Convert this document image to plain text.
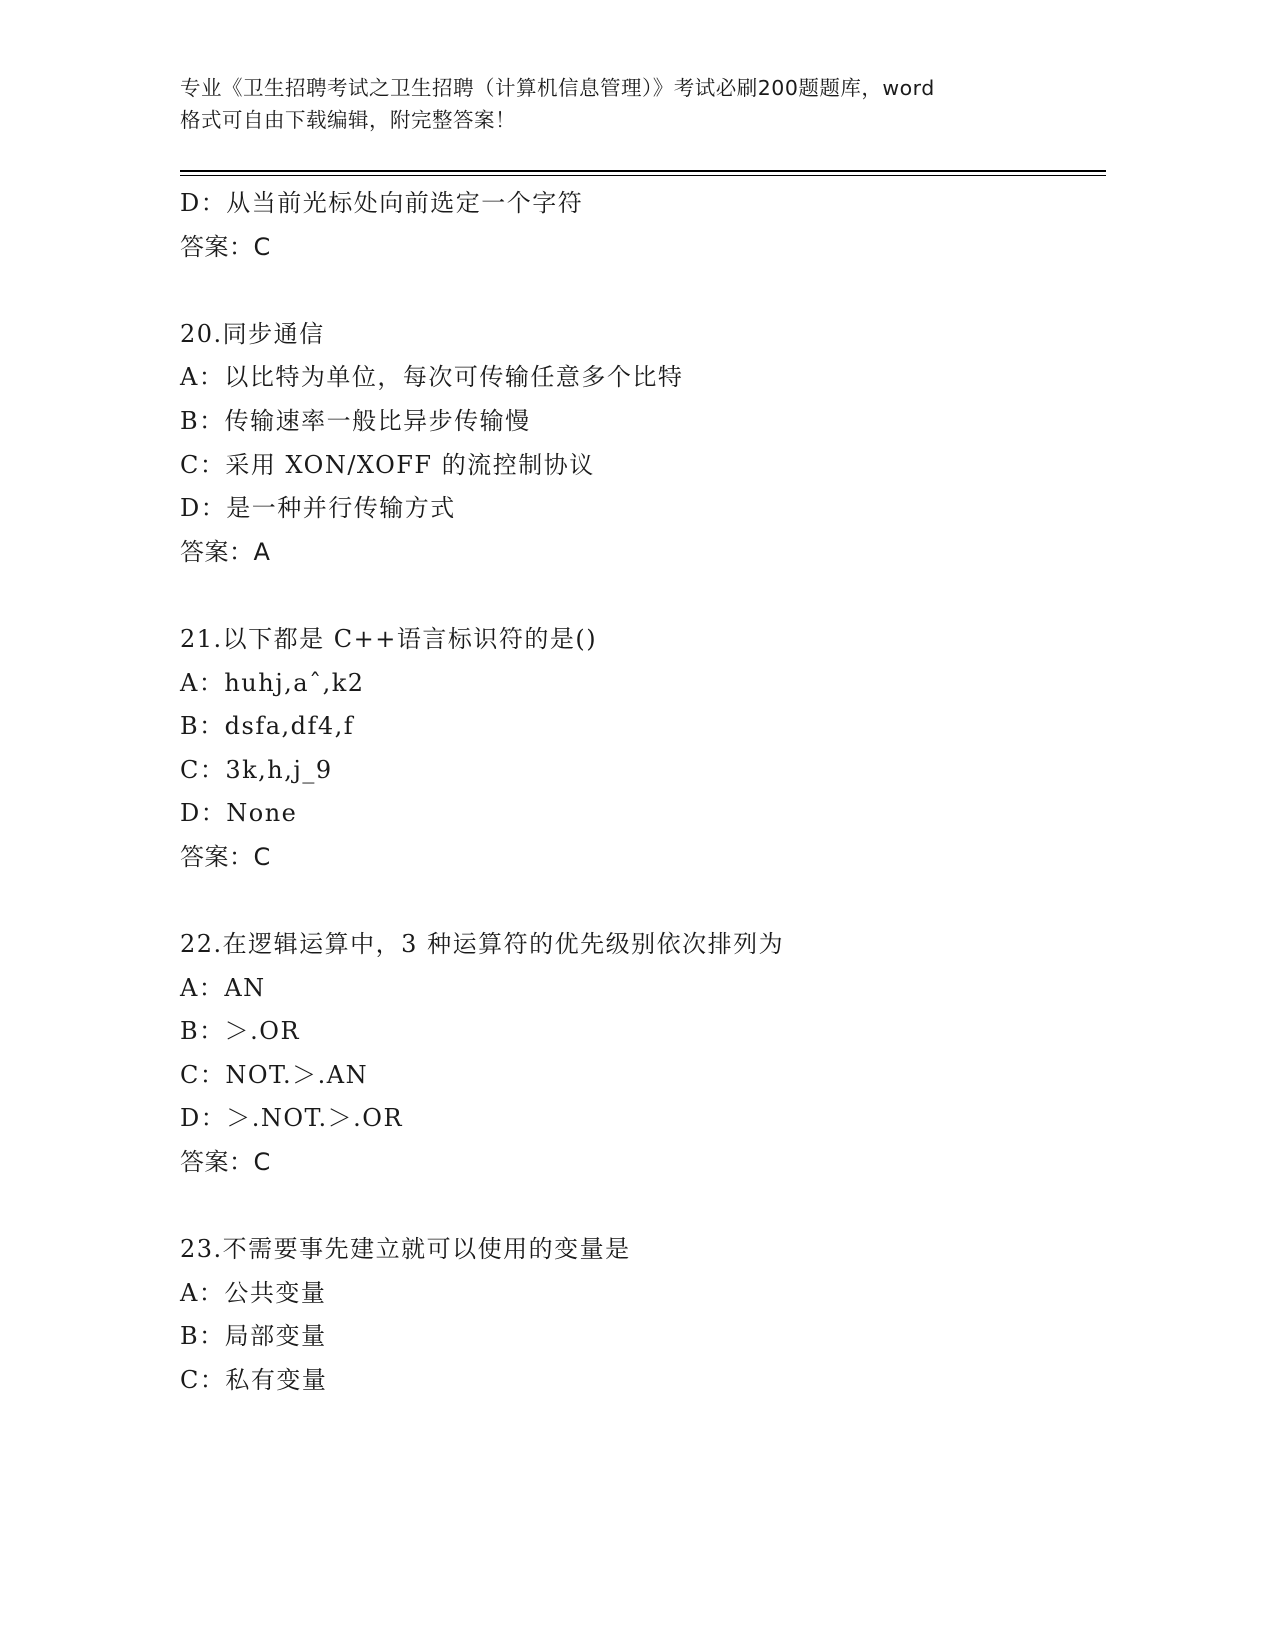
专业《卫生招聘考试之卫生招聘（计算机信息管理）》考试必刷200题题库，word
格式可自由下载编辑，附完整答案！
D：从当前光标处向前选定一个字符
答案：C
20.同步通信
A：以比特为单位，每次可传输任意多个比特
B：传输速率一般比异步传输慢
C：采用 XON/XOFF 的流控制协议
D：是一种并行传输方式
答案：A
21.以下都是 C++语言标识符的是()
A：huhj,aˆ,k2
B：dsfa,df4,f
C：3k,h,j_9
D：None
答案：C
22.在逻辑运算中，3 种运算符的优先级别依次排列为
A：AN
B：＞.OR
C：NOT.＞.AN
D：＞.NOT.＞.OR
答案：C
23.不需要事先建立就可以使用的变量是
A：公共变量
B：局部变量
C：私有变量
